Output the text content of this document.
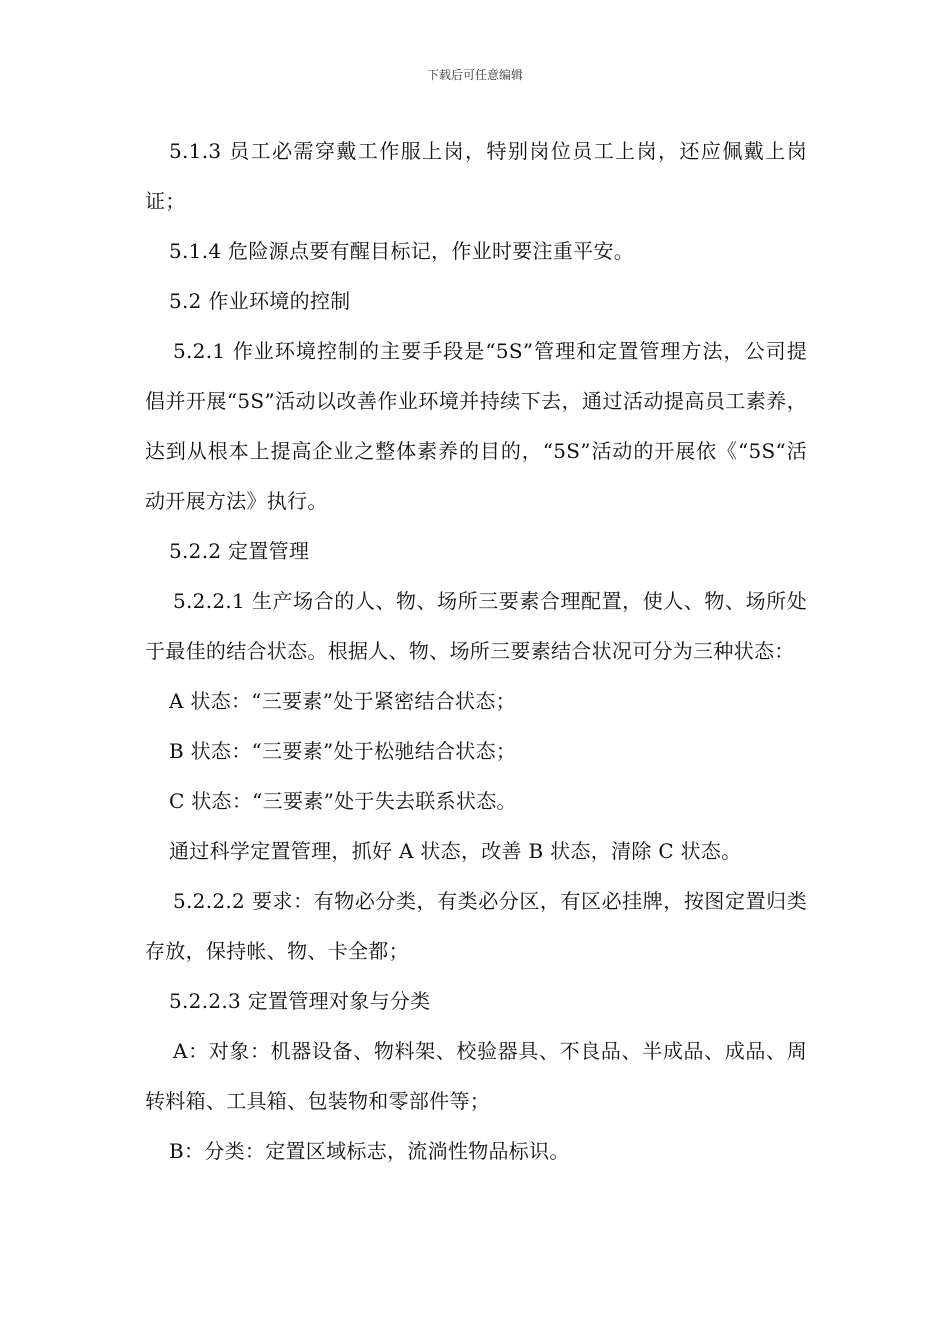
下载后可任意编辑

5.1.3 员工必需穿戴工作服上岗，特别岗位员工上岗，还应佩戴上岗证；

5.1.4 危险源点要有醒目标记，作业时要注重平安。

5.2 作业环境的控制

5.2.1 作业环境控制的主要手段是“5S”管理和定置管理方法，公司提倡并开展“5S”活动以改善作业环境并持续下去，通过活动提高员工素养，达到从根本上提高企业之整体素养的目的，“5S”活动的开展依《“5S“活动开展方法》执行。

5.2.2 定置管理

5.2.2.1 生产场合的人、物、场所三要素合理配置，使人、物、场所处于最佳的结合状态。根据人、物、场所三要素结合状况可分为三种状态：

A 状态：“三要素”处于紧密结合状态；

B 状态：“三要素”处于松驰结合状态；

C 状态：“三要素”处于失去联系状态。

通过科学定置管理，抓好 A 状态，改善 B 状态，清除 C 状态。

5.2.2.2 要求：有物必分类，有类必分区，有区必挂牌，按图定置归类存放，保持帐、物、卡全都；

5.2.2.3 定置管理对象与分类

A：对象：机器设备、物料架、校验器具、不良品、半成品、成品、周转料箱、工具箱、包装物和零部件等；

B：分类：定置区域标志，流淌性物品标识。
